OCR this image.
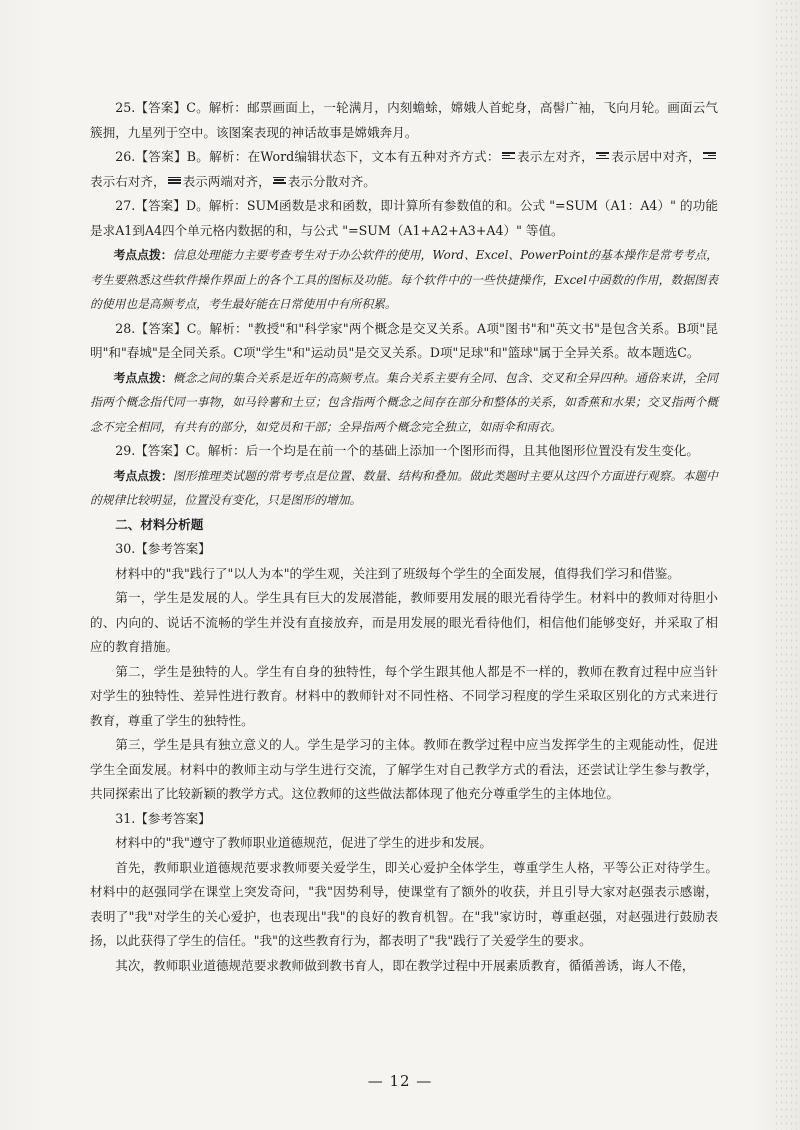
25.【答案】C。解析：邮票画面上，一轮满月，内刻蟾蜍，嫦娥人首蛇身，高髻广袖，飞向月轮。画面云气簇拥，九星列于空中。该图案表现的神话故事是嫦娥奔月。

26.【答案】B。解析：在Word编辑状态下，文本有五种对齐方式： 表示左对齐， 表示居中对齐，
表示右对齐， 表示两端对齐， 表示分散对齐。

27.【答案】D。解析：SUM函数是求和函数，即计算所有参数值的和。公式 "=SUM（A1：A4）" 的功能是求A1到A4四个单元格内数据的和，与公式 "=SUM（A1+A2+A3+A4）" 等值。

考点点拨：信息处理能力主要考查考生对于办公软件的使用，Word、Excel、PowerPoint的基本操作是常考考点，考生要熟悉这些软件操作界面上的各个工具的图标及功能。每个软件中的一些快捷操作，Excel中函数的作用，数据图表的使用也是高频考点，考生最好能在日常使用中有所积累。

28.【答案】C。解析："教授"和"科学家"两个概念是交叉关系。A项"图书"和"英文书"是包含关系。B项"昆明"和"春城"是全同关系。C项"学生"和"运动员"是交叉关系。D项"足球"和"篮球"属于全异关系。故本题选C。

考点点拨：概念之间的集合关系是近年的高频考点。集合关系主要有全同、包含、交叉和全异四种。通俗来讲，全同指两个概念指代同一事物，如马铃薯和土豆；包含指两个概念之间存在部分和整体的关系，如香蕉和水果；交叉指两个概念不完全相同，有共有的部分，如党员和干部；全异指两个概念完全独立，如雨伞和雨衣。

29.【答案】C。解析：后一个均是在前一个的基础上添加一个图形而得，且其他图形位置没有发生变化。

考点点拨：图形推理类试题的常考考点是位置、数量、结构和叠加。做此类题时主要从这四个方面进行观察。本题中的规律比较明显，位置没有变化，只是图形的增加。

二、材料分析题

30.【参考答案】

材料中的"我"践行了"以人为本"的学生观，关注到了班级每个学生的全面发展，值得我们学习和借鉴。

第一，学生是发展的人。学生具有巨大的发展潜能，教师要用发展的眼光看待学生。材料中的教师对待胆小的、内向的、说话不流畅的学生并没有直接放弃，而是用发展的眼光看待他们，相信他们能够变好，并采取了相应的教育措施。

第二，学生是独特的人。学生有自身的独特性，每个学生跟其他人都是不一样的，教师在教育过程中应当针对学生的独特性、差异性进行教育。材料中的教师针对不同性格、不同学习程度的学生采取区别化的方式来进行教育，尊重了学生的独特性。

第三，学生是具有独立意义的人。学生是学习的主体。教师在教学过程中应当发挥学生的主观能动性，促进学生全面发展。材料中的教师主动与学生进行交流，了解学生对自己教学方式的看法，还尝试让学生参与教学，共同探索出了比较新颖的教学方式。这位教师的这些做法都体现了他充分尊重学生的主体地位。

31.【参考答案】

材料中的"我"遵守了教师职业道德规范，促进了学生的进步和发展。

首先，教师职业道德规范要求教师要关爱学生，即关心爱护全体学生，尊重学生人格，平等公正对待学生。材料中的赵强同学在课堂上突发奇问，"我"因势利导，使课堂有了额外的收获，并且引导大家对赵强表示感谢，表明了"我"对学生的关心爱护，也表现出"我"的良好的教育机智。在"我"家访时，尊重赵强，对赵强进行鼓励表扬，以此获得了学生的信任。"我"的这些教育行为，都表明了"我"践行了关爱学生的要求。

其次，教师职业道德规范要求教师做到教书育人，即在教学过程中开展素质教育，循循善诱，诲人不倦，

— 12 —
